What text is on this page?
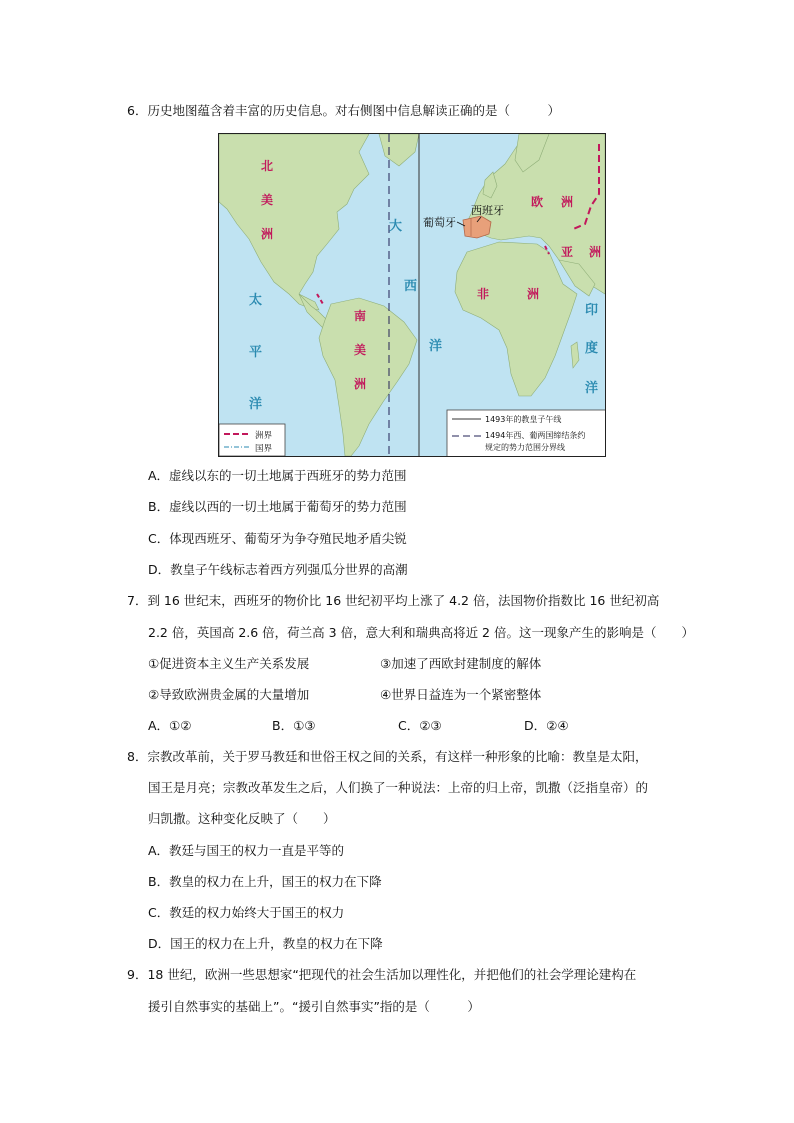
6．历史地图蕴含着丰富的历史信息。对右侧图中信息解读正确的是（　　　）
北
美
洲
南
美
洲
欧 洲
亚 洲
非	洲
太
平
洋
大
西
洋
印
度
洋
葡萄牙
西班牙
洲界
国界
1493年的教皇子午线
1494年西、葡两国缔结条约
规定的势力范围分界线
A．虚线以东的一切土地属于西班牙的势力范围
B．虚线以西的一切土地属于葡萄牙的势力范围
C．体现西班牙、葡萄牙为争夺殖民地矛盾尖锐
D．教皇子午线标志着西方列强瓜分世界的高潮
7．到 16 世纪末，西班牙的物价比 16 世纪初平均上涨了 4.2 倍，法国物价指数比 16 世纪初高
2.2 倍，英国高 2.6 倍，荷兰高 3 倍，意大利和瑞典高将近 2 倍。这一现象产生的影响是（　　）
①促进资本主义生产关系发展	③加速了西欧封建制度的解体
②导致欧洲贵金属的大量增加	④世界日益连为一个紧密整体
A．①②	B．①③	C．②③	D．②④
8．宗教改革前，关于罗马教廷和世俗王权之间的关系，有这样一种形象的比喻：教皇是太阳，
国王是月亮；宗教改革发生之后，人们换了一种说法：上帝的归上帝，凯撒（泛指皇帝）的
归凯撒。这种变化反映了（　　）
A．教廷与国王的权力一直是平等的
B．教皇的权力在上升，国王的权力在下降
C．教廷的权力始终大于国王的权力
D．国王的权力在上升，教皇的权力在下降
9．18 世纪，欧洲一些思想家“把现代的社会生活加以理性化，并把他们的社会学理论建构在
援引自然事实的基础上”。“援引自然事实”指的是（　　　）
